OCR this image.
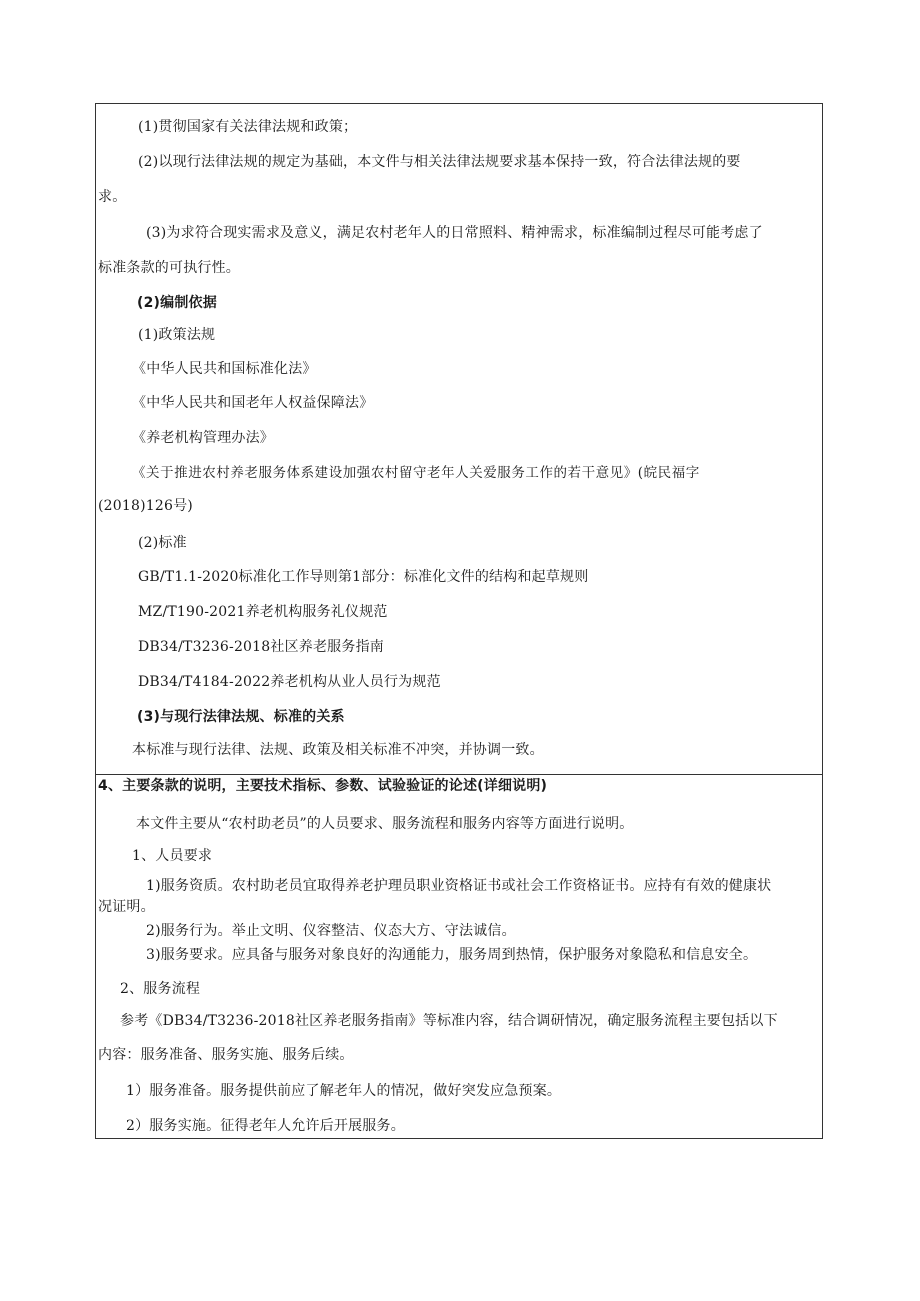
(1)贯彻国家有关法律法规和政策；
(2)以现行法律法规的规定为基础，本文件与相关法律法规要求基本保持一致，符合法律法规的要
求。
(3)为求符合现实需求及意义，满足农村老年人的日常照料、精神需求，标准编制过程尽可能考虑了
标准条款的可执行性。
(2)编制依据
(1)政策法规
《中华人民共和国标准化法》
《中华人民共和国老年人权益保障法》
《养老机构管理办法》
《关于推进农村养老服务体系建设加强农村留守老年人关爱服务工作的若干意见》(皖民福字
(2018)126号)
(2)标准
GB/T1.1-2020标准化工作导则第1部分：标准化文件的结构和起草规则
MZ/T190-2021养老机构服务礼仪规范
DB34/T3236-2018社区养老服务指南
DB34/T4184-2022养老机构从业人员行为规范
(3)与现行法律法规、标准的关系
本标准与现行法律、法规、政策及相关标准不冲突，并协调一致。
4、主要条款的说明，主要技术指标、参数、试验验证的论述(详细说明)
本文件主要从“农村助老员”的人员要求、服务流程和服务内容等方面进行说明。
1、人员要求
1)服务资质。农村助老员宜取得养老护理员职业资格证书或社会工作资格证书。应持有有效的健康状
况证明。
2)服务行为。举止文明、仪容整洁、仪态大方、守法诚信。
3)服务要求。应具备与服务对象良好的沟通能力，服务周到热情，保护服务对象隐私和信息安全。
2、服务流程
参考《DB34/T3236-2018社区养老服务指南》等标准内容，结合调研情况，确定服务流程主要包括以下
内容：服务准备、服务实施、服务后续。
1）服务准备。服务提供前应了解老年人的情况，做好突发应急预案。
2）服务实施。征得老年人允许后开展服务。
